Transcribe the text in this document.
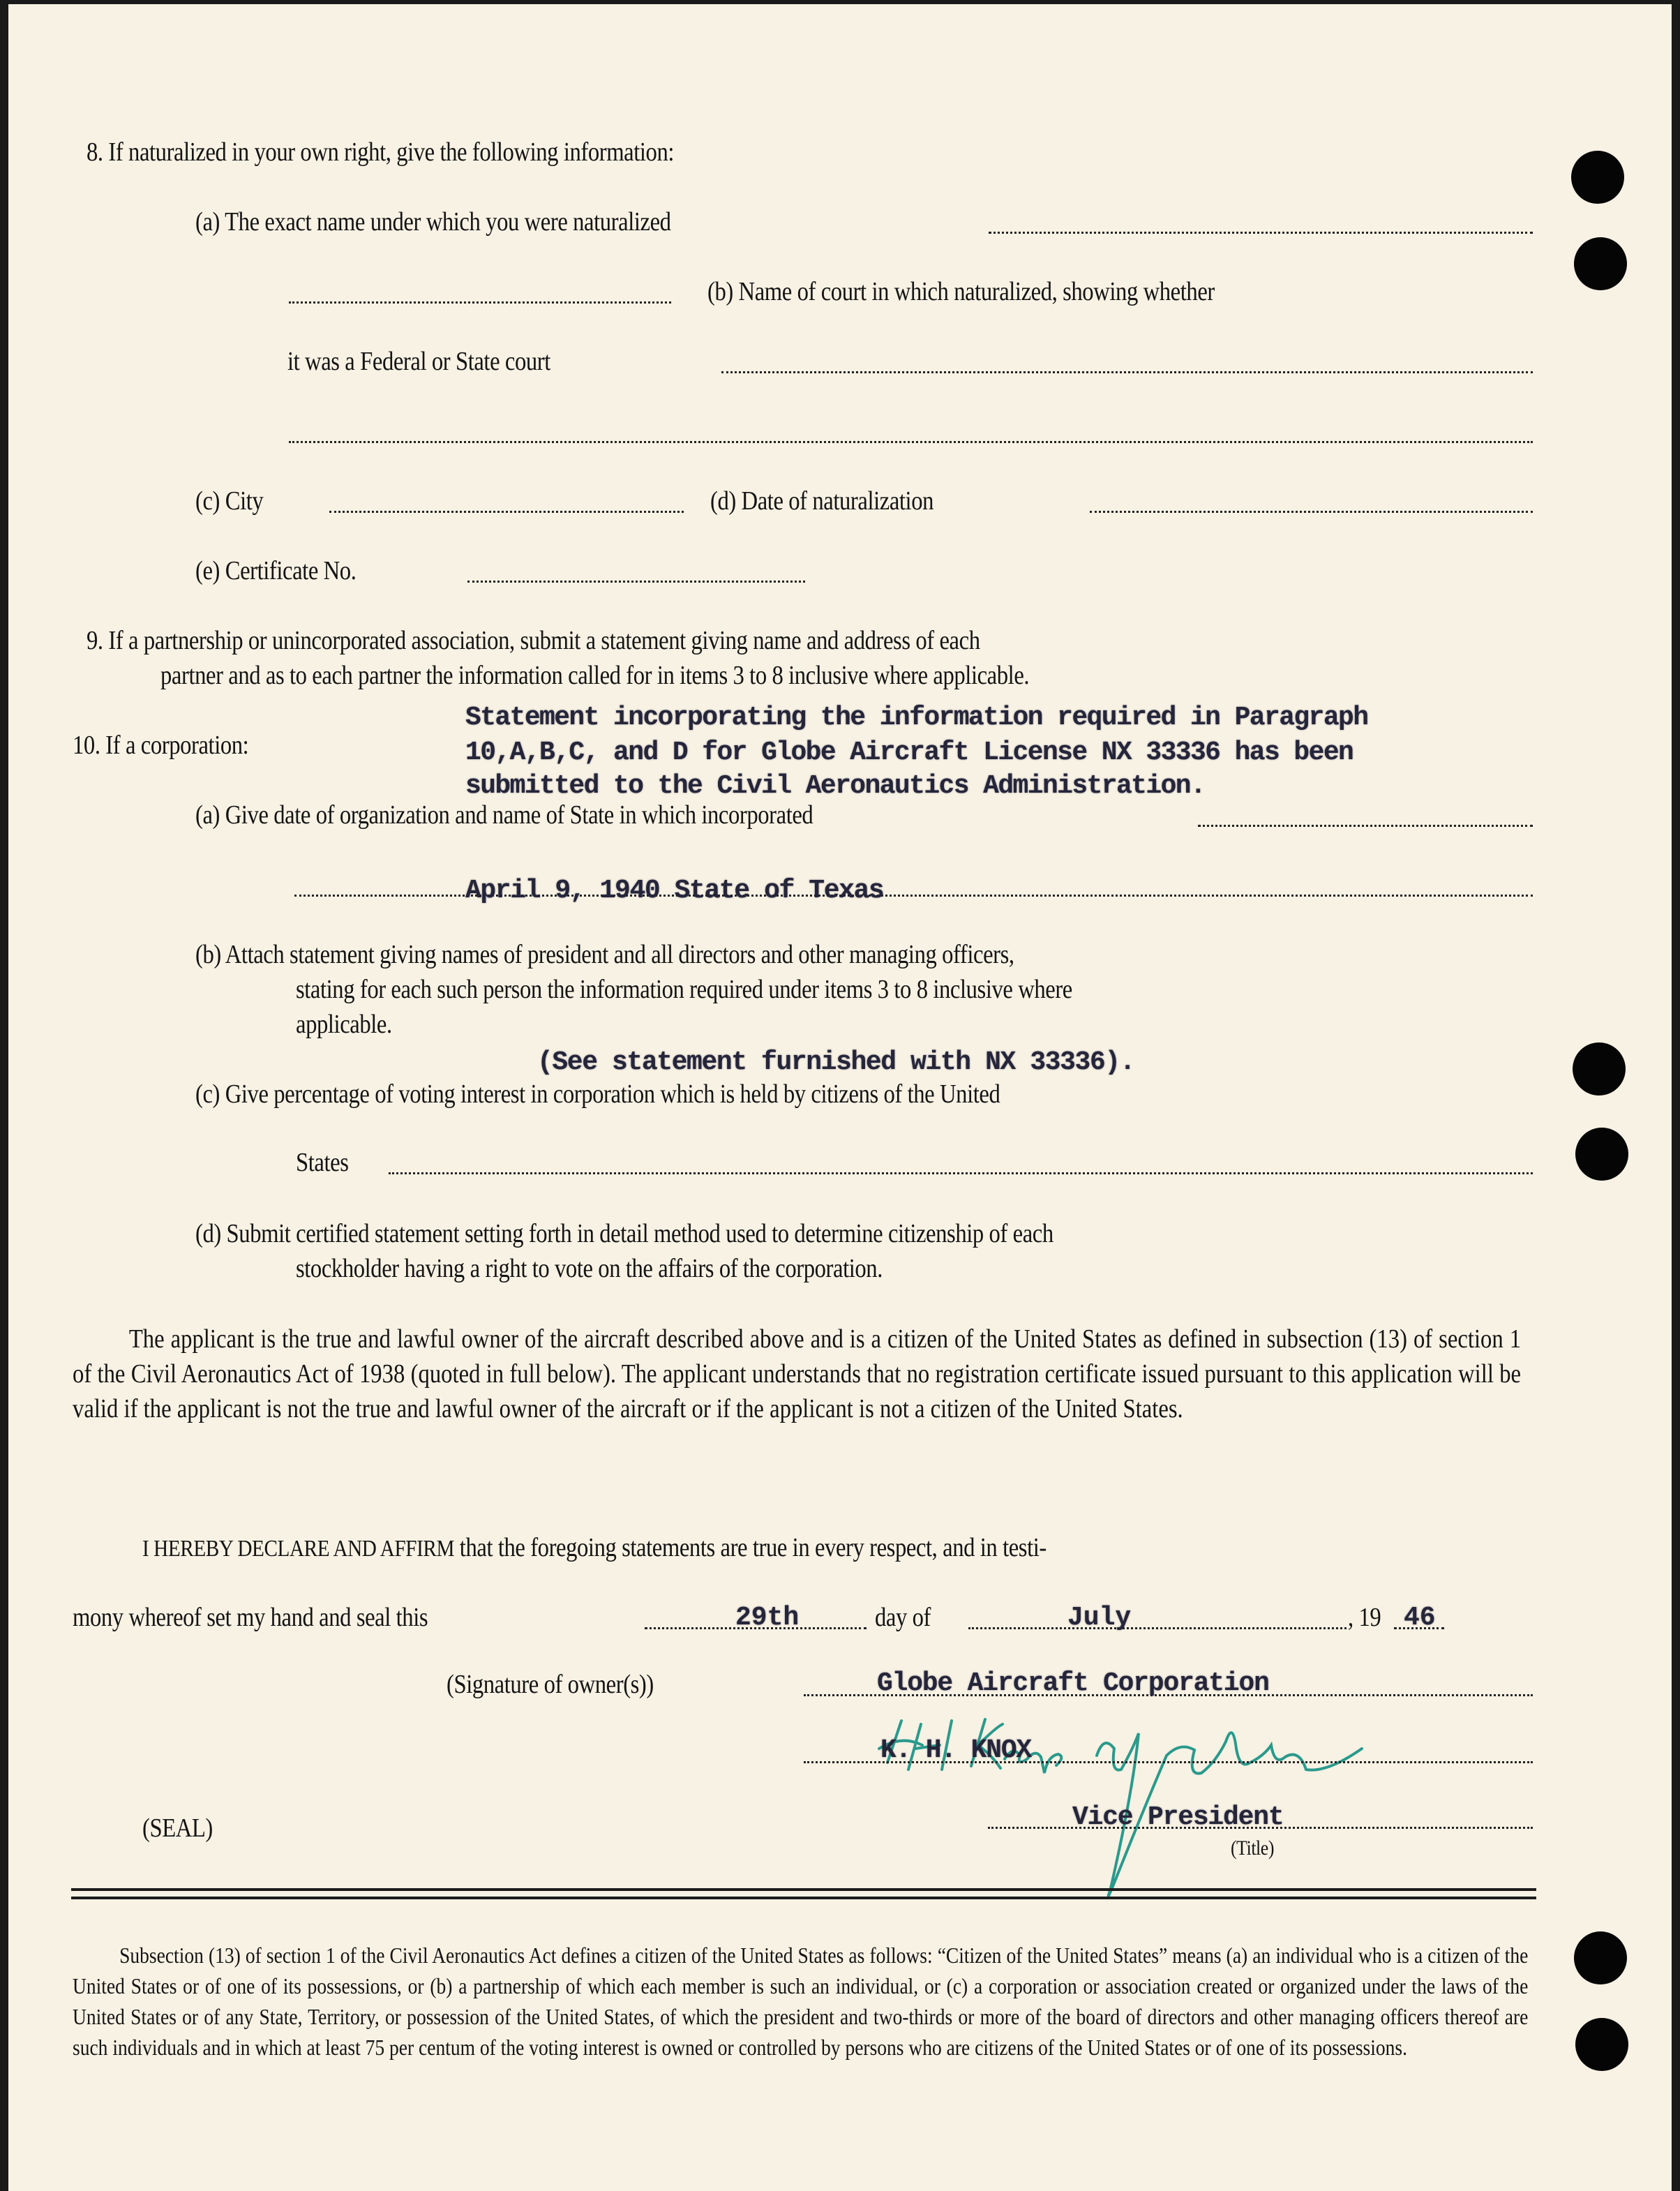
8. If naturalized in your own right, give the following information:
(a) The exact name under which you were naturalized
(b) Name of court in which naturalized, showing whether
it was a Federal or State court
(c) City	(d) Date of naturalization
(e) Certificate No.
9. If a partnership or unincorporated association, submit a statement giving name and address of each
partner and as to each partner the information called for in items 3 to 8 inclusive where applicable.
10. If a corporation:
Statement incorporating the information required in Paragraph
10,A,B,C, and D for Globe Aircraft License NX 33336 has been
submitted to the Civil Aeronautics Administration.
(a) Give date of organization and name of State in which incorporated
April 9, 1940 State of Texas
(b) Attach statement giving names of president and all directors and other managing officers,
stating for each such person the information required under items 3 to 8 inclusive where
applicable.
(See statement furnished with NX 33336).
(c) Give percentage of voting interest in corporation which is held by citizens of the United
States
(d) Submit certified statement setting forth in detail method used to determine citizenship of each
stockholder having a right to vote on the affairs of the corporation.
The applicant is the true and lawful owner of the aircraft described above and is a citizen of the United States as defined in subsection (13) of section 1 of the Civil Aeronautics Act of 1938 (quoted in full below). The applicant understands that no registration certificate issued pursuant to this application will be valid if the applicant is not the true and lawful owner of the aircraft or if the applicant is not a citizen of the United States.
I HEREBY DECLARE AND AFFIRM that the foregoing statements are true in every respect, and in testi-
mony whereof set my hand and seal this	29th	day of	July	, 19 46
(Signature of owner(s))	Globe Aircraft Corporation
K. H. KNOX
(SEAL)	Vice President
(Title)
Subsection (13) of section 1 of the Civil Aeronautics Act defines a citizen of the United States as follows: “Citizen of the United States” means (a) an individual who is a citizen of the United States or of one of its possessions, or (b) a partnership of which each member is such an individual, or (c) a corporation or association created or organized under the laws of the United States or of any State, Territory, or possession of the United States, of which the president and two-thirds or more of the board of directors and other managing officers thereof are such individuals and in which at least 75 per centum of the voting interest is owned or controlled by persons who are citizens of the United States or of one of its possessions.
